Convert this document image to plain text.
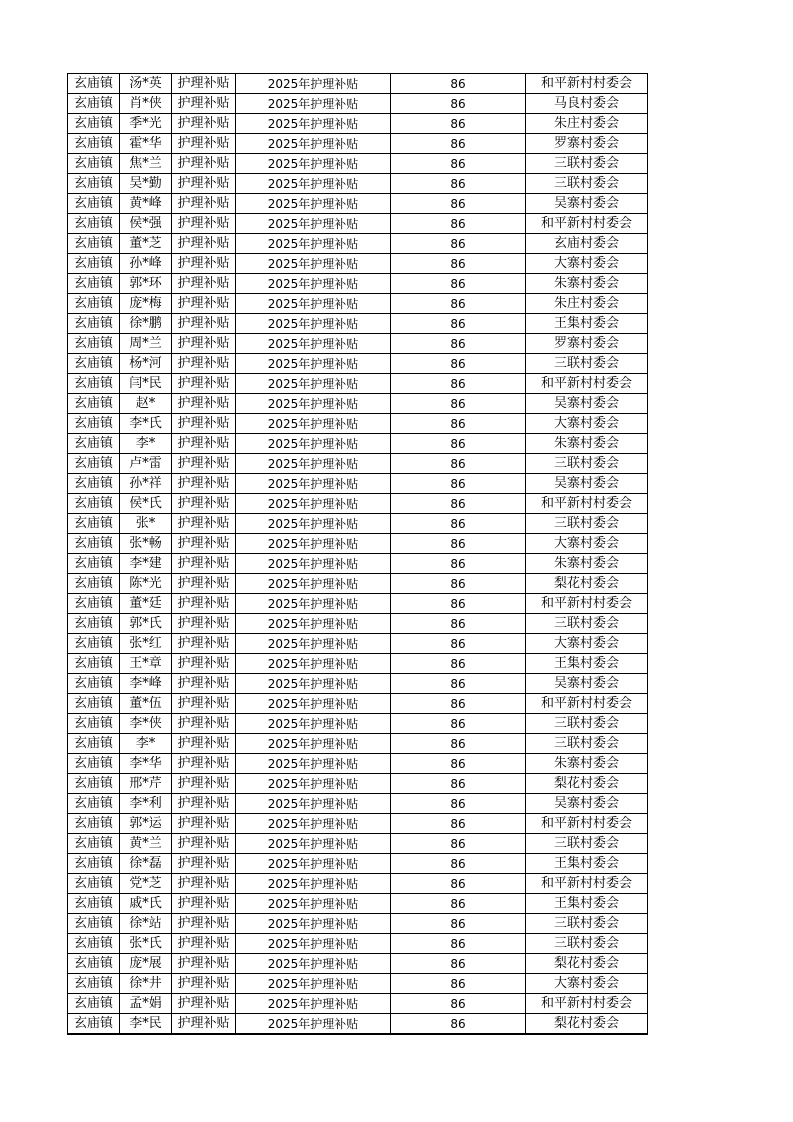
玄庙镇	汤*英	护理补贴	2025年护理补贴	86	和平新村村委会
玄庙镇	肖*侠	护理补贴	2025年护理补贴	86	马良村委会
玄庙镇	季*光	护理补贴	2025年护理补贴	86	朱庄村委会
玄庙镇	霍*华	护理补贴	2025年护理补贴	86	罗寨村委会
玄庙镇	焦*兰	护理补贴	2025年护理补贴	86	三联村委会
玄庙镇	吴*勤	护理补贴	2025年护理补贴	86	三联村委会
玄庙镇	黄*峰	护理补贴	2025年护理补贴	86	吴寨村委会
玄庙镇	侯*强	护理补贴	2025年护理补贴	86	和平新村村委会
玄庙镇	董*芝	护理补贴	2025年护理补贴	86	玄庙村委会
玄庙镇	孙*峰	护理补贴	2025年护理补贴	86	大寨村委会
玄庙镇	郭*环	护理补贴	2025年护理补贴	86	朱寨村委会
玄庙镇	庞*梅	护理补贴	2025年护理补贴	86	朱庄村委会
玄庙镇	徐*鹏	护理补贴	2025年护理补贴	86	王集村委会
玄庙镇	周*兰	护理补贴	2025年护理补贴	86	罗寨村委会
玄庙镇	杨*河	护理补贴	2025年护理补贴	86	三联村委会
玄庙镇	闫*民	护理补贴	2025年护理补贴	86	和平新村村委会
玄庙镇	赵*	护理补贴	2025年护理补贴	86	吴寨村委会
玄庙镇	李*氏	护理补贴	2025年护理补贴	86	大寨村委会
玄庙镇	李*	护理补贴	2025年护理补贴	86	朱寨村委会
玄庙镇	卢*雷	护理补贴	2025年护理补贴	86	三联村委会
玄庙镇	孙*祥	护理补贴	2025年护理补贴	86	吴寨村委会
玄庙镇	侯*氏	护理补贴	2025年护理补贴	86	和平新村村委会
玄庙镇	张*	护理补贴	2025年护理补贴	86	三联村委会
玄庙镇	张*畅	护理补贴	2025年护理补贴	86	大寨村委会
玄庙镇	李*建	护理补贴	2025年护理补贴	86	朱寨村委会
玄庙镇	陈*光	护理补贴	2025年护理补贴	86	梨花村委会
玄庙镇	董*廷	护理补贴	2025年护理补贴	86	和平新村村委会
玄庙镇	郭*氏	护理补贴	2025年护理补贴	86	三联村委会
玄庙镇	张*红	护理补贴	2025年护理补贴	86	大寨村委会
玄庙镇	王*章	护理补贴	2025年护理补贴	86	王集村委会
玄庙镇	李*峰	护理补贴	2025年护理补贴	86	吴寨村委会
玄庙镇	董*伍	护理补贴	2025年护理补贴	86	和平新村村委会
玄庙镇	李*侠	护理补贴	2025年护理补贴	86	三联村委会
玄庙镇	李*	护理补贴	2025年护理补贴	86	三联村委会
玄庙镇	李*华	护理补贴	2025年护理补贴	86	朱寨村委会
玄庙镇	邢*芹	护理补贴	2025年护理补贴	86	梨花村委会
玄庙镇	李*利	护理补贴	2025年护理补贴	86	吴寨村委会
玄庙镇	郭*运	护理补贴	2025年护理补贴	86	和平新村村委会
玄庙镇	黄*兰	护理补贴	2025年护理补贴	86	三联村委会
玄庙镇	徐*磊	护理补贴	2025年护理补贴	86	王集村委会
玄庙镇	党*芝	护理补贴	2025年护理补贴	86	和平新村村委会
玄庙镇	戚*氏	护理补贴	2025年护理补贴	86	王集村委会
玄庙镇	徐*站	护理补贴	2025年护理补贴	86	三联村委会
玄庙镇	张*氏	护理补贴	2025年护理补贴	86	三联村委会
玄庙镇	庞*展	护理补贴	2025年护理补贴	86	梨花村委会
玄庙镇	徐*井	护理补贴	2025年护理补贴	86	大寨村委会
玄庙镇	孟*娟	护理补贴	2025年护理补贴	86	和平新村村委会
玄庙镇	李*民	护理补贴	2025年护理补贴	86	梨花村委会
